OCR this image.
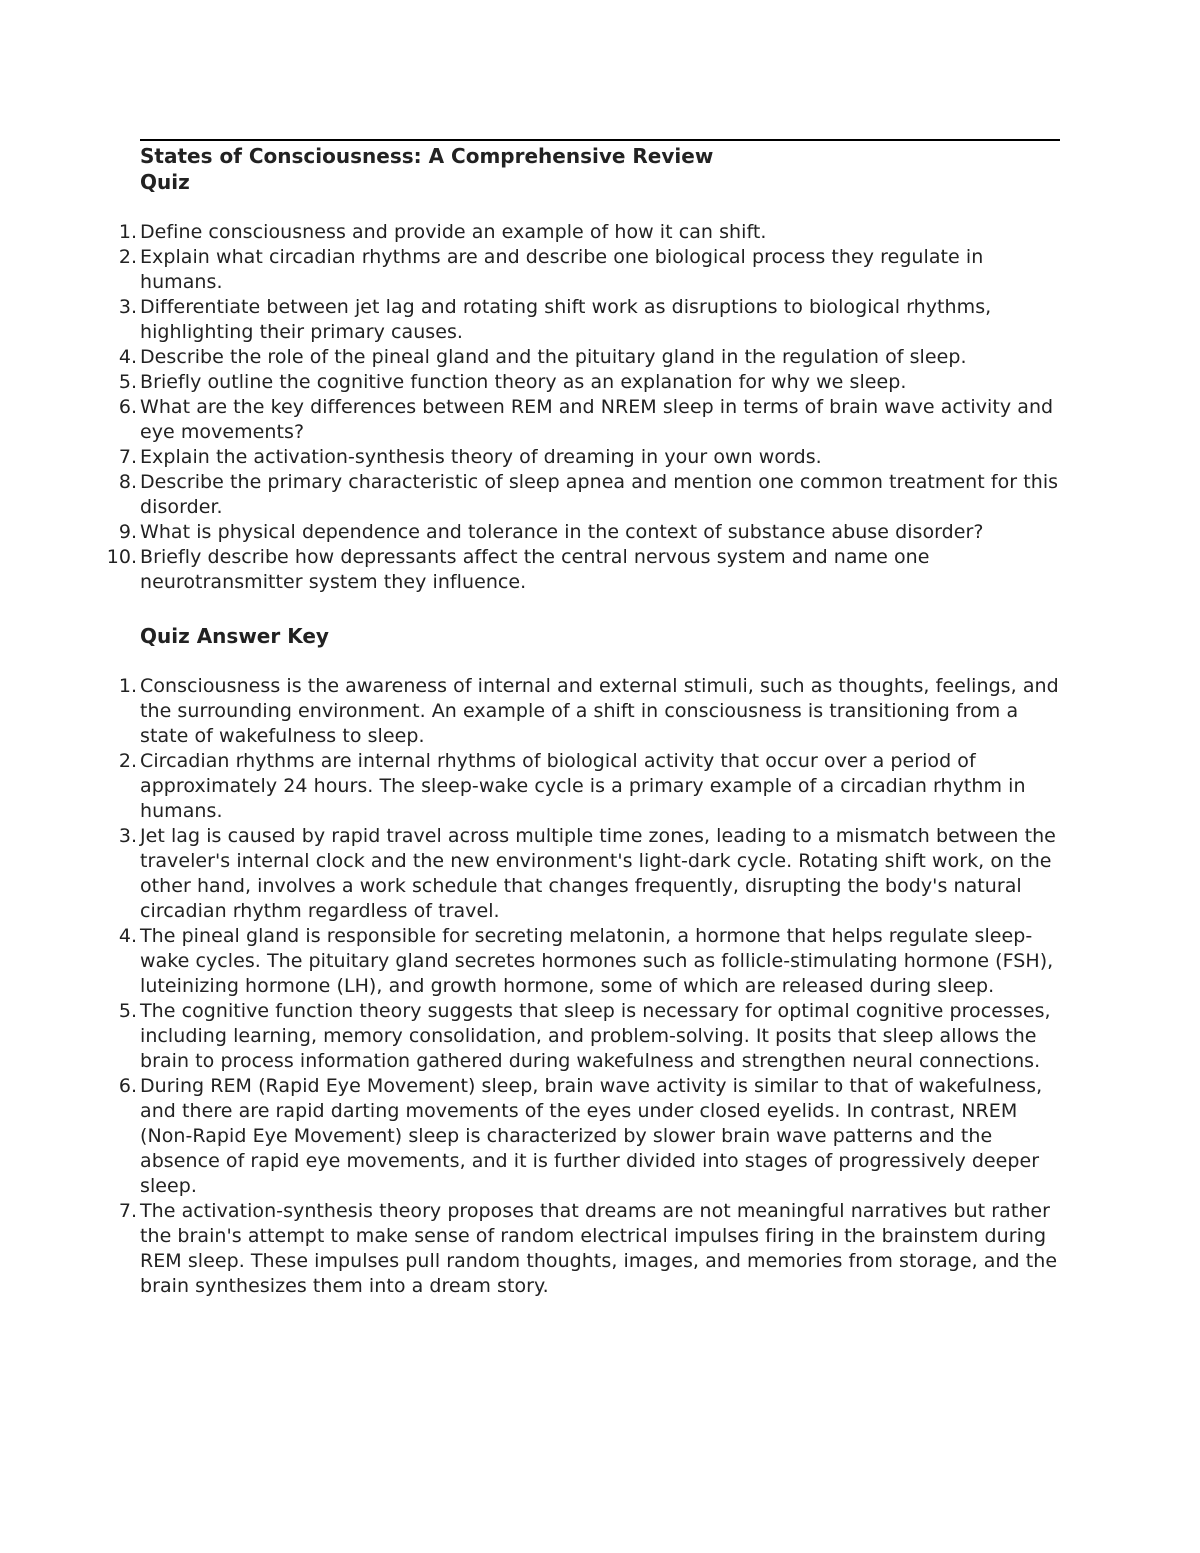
States of Consciousness: A Comprehensive Review
Quiz
1. Define consciousness and provide an example of how it can shift.
2. Explain what circadian rhythms are and describe one biological process they regulate in humans.
3. Differentiate between jet lag and rotating shift work as disruptions to biological rhythms, highlighting their primary causes.
4. Describe the role of the pineal gland and the pituitary gland in the regulation of sleep.
5. Briefly outline the cognitive function theory as an explanation for why we sleep.
6. What are the key differences between REM and NREM sleep in terms of brain wave activity and eye movements?
7. Explain the activation-synthesis theory of dreaming in your own words.
8. Describe the primary characteristic of sleep apnea and mention one common treatment for this disorder.
9. What is physical dependence and tolerance in the context of substance abuse disorder?
10. Briefly describe how depressants affect the central nervous system and name one neurotransmitter system they influence.
Quiz Answer Key
1. Consciousness is the awareness of internal and external stimuli, such as thoughts, feelings, and the surrounding environment. An example of a shift in consciousness is transitioning from a state of wakefulness to sleep.
2. Circadian rhythms are internal rhythms of biological activity that occur over a period of approximately 24 hours. The sleep-wake cycle is a primary example of a circadian rhythm in humans.
3. Jet lag is caused by rapid travel across multiple time zones, leading to a mismatch between the traveler's internal clock and the new environment's light-dark cycle. Rotating shift work, on the other hand, involves a work schedule that changes frequently, disrupting the body's natural circadian rhythm regardless of travel.
4. The pineal gland is responsible for secreting melatonin, a hormone that helps regulate sleep-wake cycles. The pituitary gland secretes hormones such as follicle-stimulating hormone (FSH), luteinizing hormone (LH), and growth hormone, some of which are released during sleep.
5. The cognitive function theory suggests that sleep is necessary for optimal cognitive processes, including learning, memory consolidation, and problem-solving. It posits that sleep allows the brain to process information gathered during wakefulness and strengthen neural connections.
6. During REM (Rapid Eye Movement) sleep, brain wave activity is similar to that of wakefulness, and there are rapid darting movements of the eyes under closed eyelids. In contrast, NREM (Non-Rapid Eye Movement) sleep is characterized by slower brain wave patterns and the absence of rapid eye movements, and it is further divided into stages of progressively deeper sleep.
7. The activation-synthesis theory proposes that dreams are not meaningful narratives but rather the brain's attempt to make sense of random electrical impulses firing in the brainstem during REM sleep. These impulses pull random thoughts, images, and memories from storage, and the brain synthesizes them into a dream story.
